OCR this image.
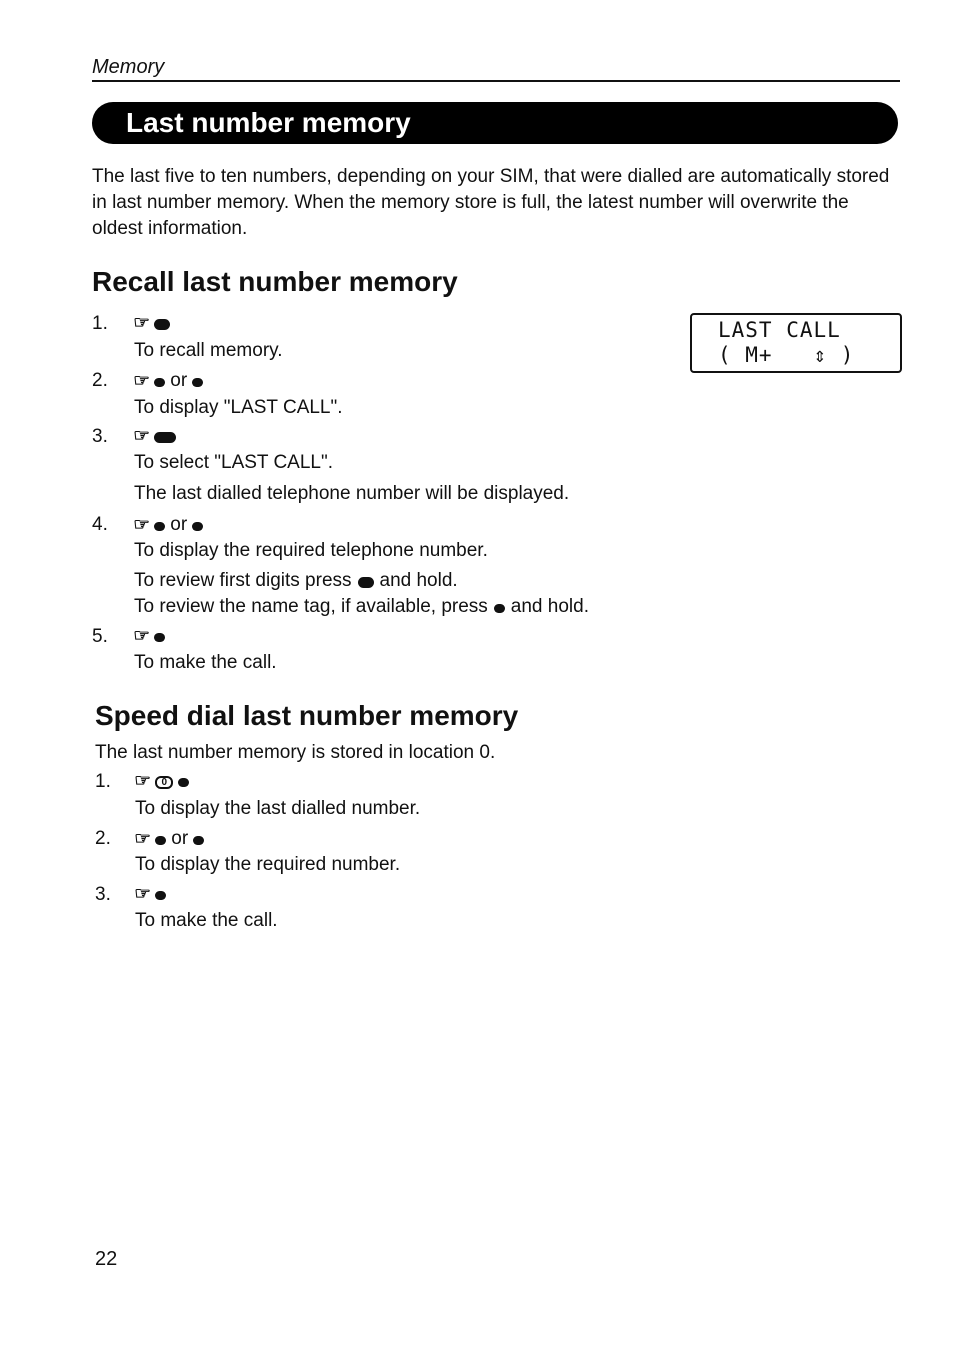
Memory
Last number memory
The last five to ten numbers, depending on your SIM, that were dialled are automatically stored in last number memory. When the memory store is full, the latest number will overwrite the oldest information.
Recall last number memory
1. ☞
To recall memory.
2. ☞ or
To display "LAST CALL".
3. ☞
To select "LAST CALL".
The last dialled telephone number will be displayed.
4. ☞ or
To display the required telephone number.
To review first digits press and hold.
To review the name tag, if available, press and hold.
5. ☞
To make the call.
LAST CALL
( M+   ⇕ )
Speed dial last number memory
The last number memory is stored in location 0.
1. ☞	0
To display the last dialled number.
2. ☞ or
To display the required number.
3. ☞
To make the call.
22
